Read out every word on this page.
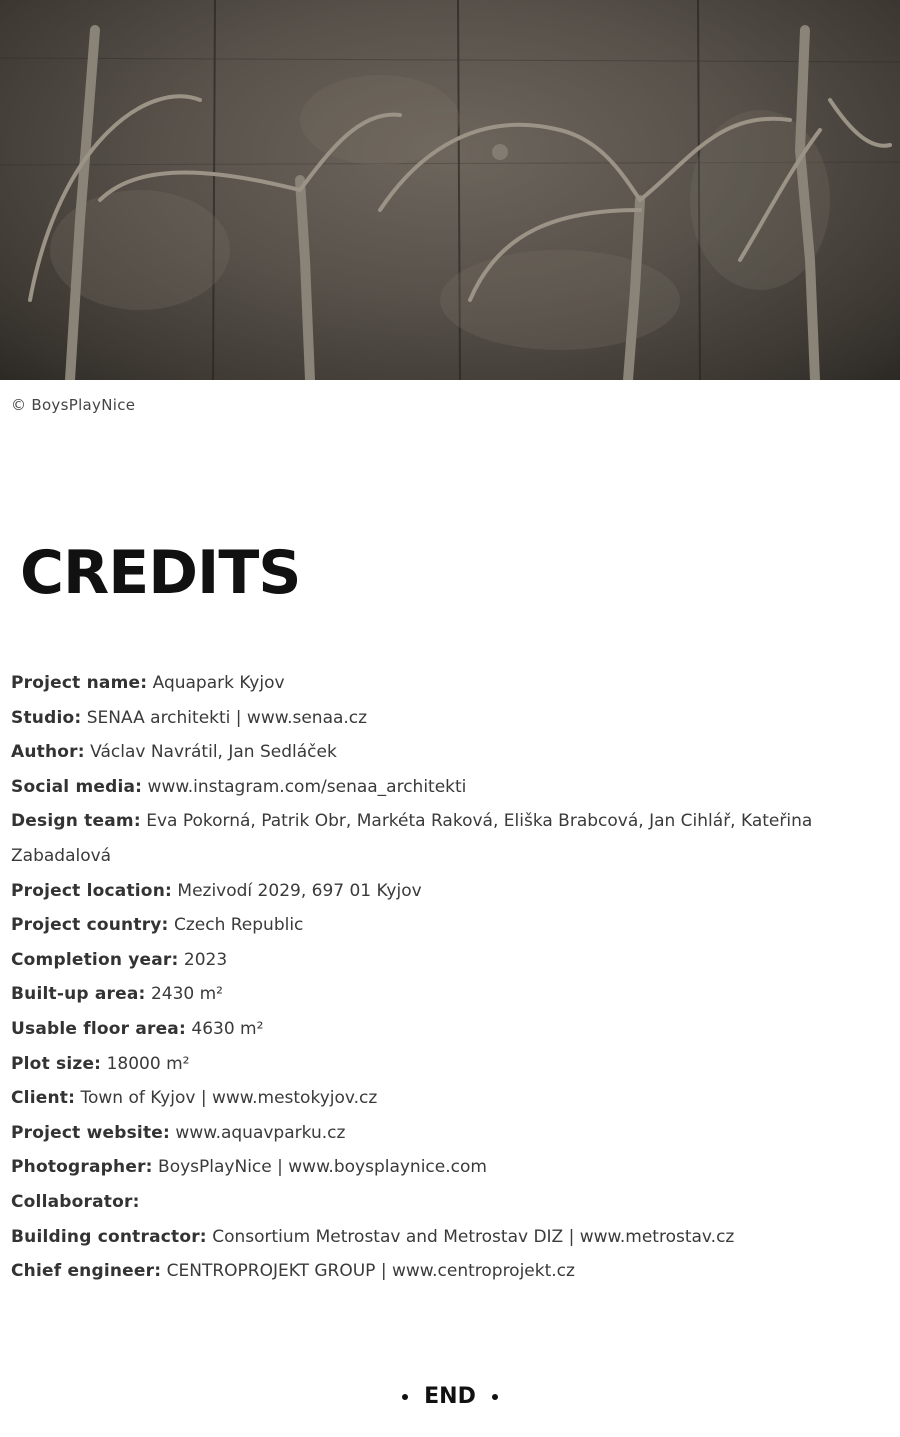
© BoysPlayNice
CREDITS

Project name: Aquapark Kyjov

Studio: SENAA architekti | www.senaa.cz

Author: Václav Navrátil, Jan Sedláček

Social media: www.instagram.com/senaa_architekti

Design team: Eva Pokorná, Patrik Obr, Markéta Raková, Eliška Brabcová, Jan Cihlář, Kateřina Zabadalová

Project location: Mezivodí 2029, 697 01 Kyjov

Project country: Czech Republic

Completion year: 2023

Built-up area: 2430 m²

Usable floor area: 4630 m²

Plot size: 18000 m²

Client: Town of Kyjov | www.mestokyjov.cz

Project website: www.aquavparku.cz

Photographer: BoysPlayNice | www.boysplaynice.com

Collaborator:

Building contractor: Consortium Metrostav and Metrostav DIZ | www.metrostav.cz

Chief engineer: CENTROPROJEKT GROUP | www.centroprojekt.cz

END
